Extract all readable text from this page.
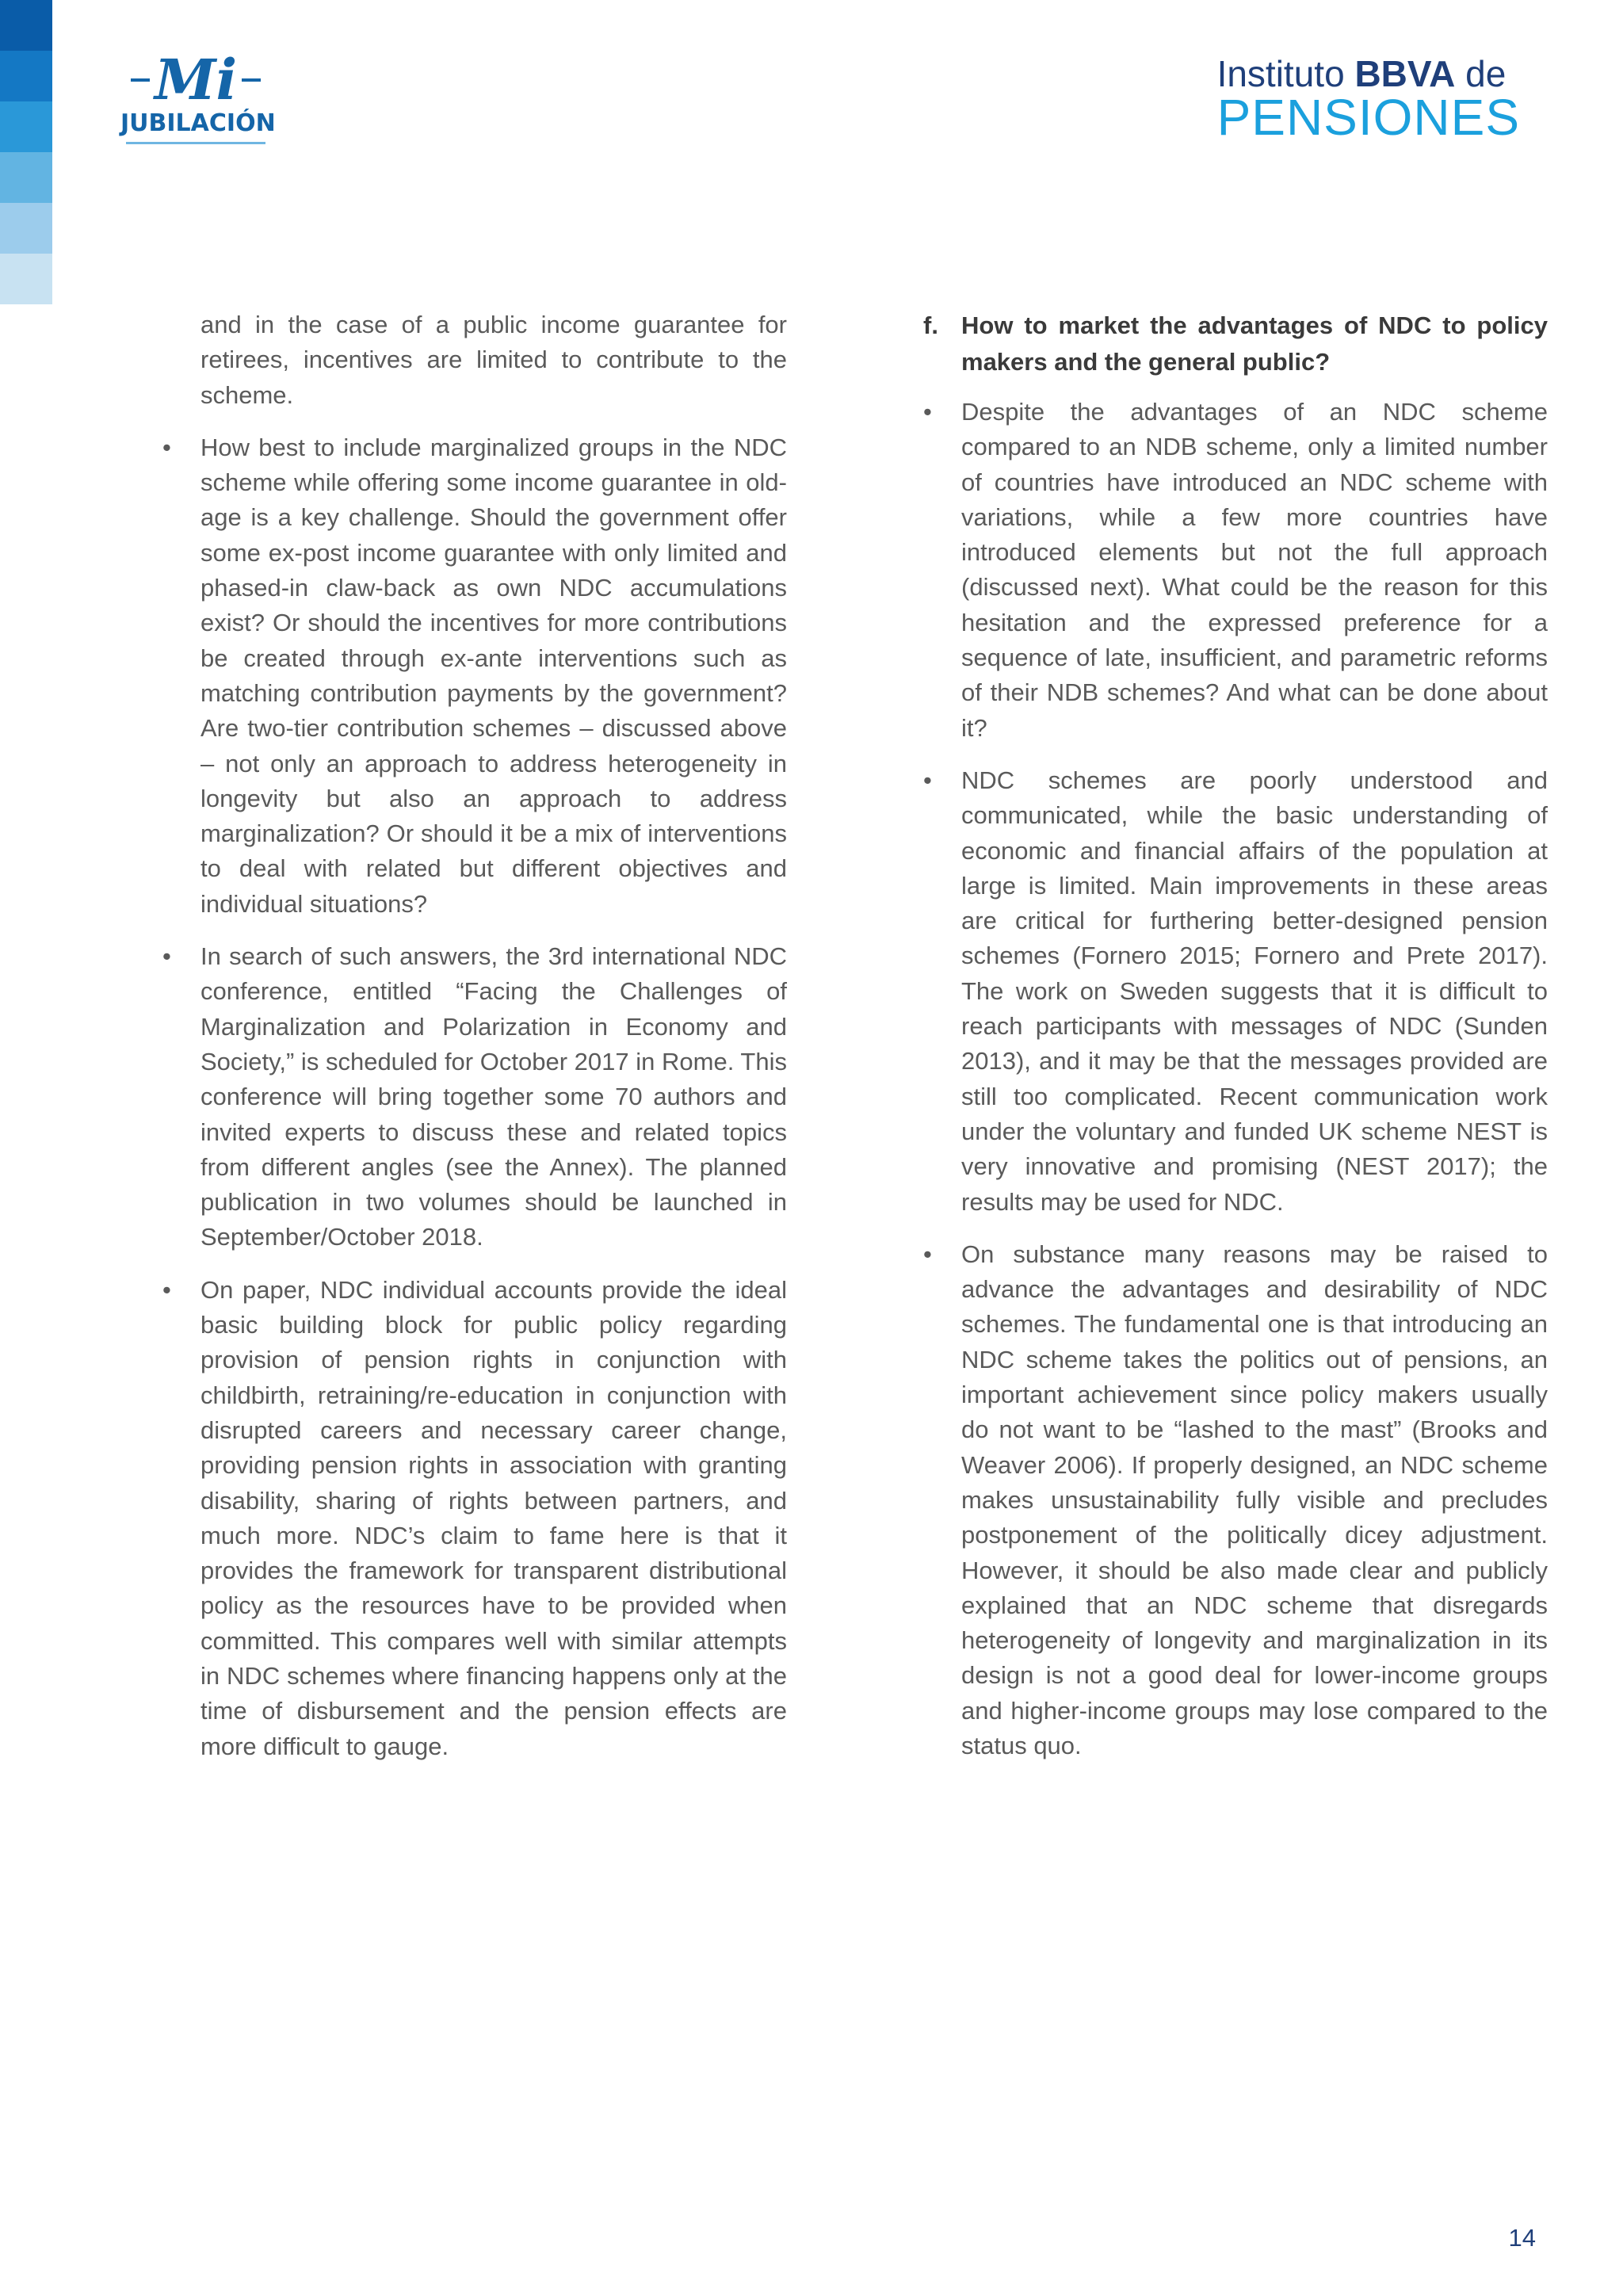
Mi
JUBILACIÓN
Instituto BBVA de
PENSIONES

and in the case of a public income guarantee for retirees, incentives are limited to contribute to the scheme.

• How best to include marginalized groups in the NDC scheme while offering some income guarantee in old-age is a key challenge. Should the government offer some ex-post income guarantee with only limited and phased-in claw-back as own NDC accumulations exist? Or should the incentives for more contributions be created through ex-ante interventions such as matching contribution payments by the government? Are two-tier contribution schemes – discussed above – not only an approach to address heterogeneity in longevity but also an approach to address marginalization? Or should it be a mix of interventions to deal with related but different objectives and individual situations?
• In search of such answers, the 3rd international NDC conference, entitled “Facing the Challenges of Marginalization and Polarization in Economy and Society,” is scheduled for October 2017 in Rome. This conference will bring together some 70 authors and invited experts to discuss these and related topics from different angles (see the Annex). The planned publication in two volumes should be launched in September/October 2018.
• On paper, NDC individual accounts provide the ideal basic building block for public policy regarding provision of pension rights in conjunction with childbirth, retraining/re-education in conjunction with disrupted careers and necessary career change, providing pension rights in association with granting disability, sharing of rights between partners, and much more. NDC’s claim to fame here is that it provides the framework for transparent distributional policy as the resources have to be provided when committed. This compares well with similar attempts in NDC schemes where financing happens only at the time of disbursement and the pension effects are more difficult to gauge.
f. How to market the advantages of NDC to policy makers and the general public?
• Despite the advantages of an NDC scheme compared to an NDB scheme, only a limited number of countries have introduced an NDC scheme with variations, while a few more countries have introduced elements but not the full approach (discussed next). What could be the reason for this hesitation and the expressed preference for a sequence of late, insufficient, and parametric reforms of their NDB schemes? And what can be done about it?
• NDC schemes are poorly understood and communicated, while the basic understanding of economic and financial affairs of the population at large is limited. Main improvements in these areas are critical for furthering better-designed pension schemes (Fornero 2015; Fornero and Prete 2017). The work on Sweden suggests that it is difficult to reach participants with messages of NDC (Sunden 2013), and it may be that the messages provided are still too complicated. Recent communication work under the voluntary and funded UK scheme NEST is very innovative and promising (NEST 2017); the results may be used for NDC.
• On substance many reasons may be raised to advance the advantages and desirability of NDC schemes. The fundamental one is that introducing an NDC scheme takes the politics out of pensions, an important achievement since policy makers usually do not want to be “lashed to the mast” (Brooks and Weaver 2006). If properly designed, an NDC scheme makes unsustainability fully visible and precludes postponement of the politically dicey adjustment. However, it should be also made clear and publicly explained that an NDC scheme that disregards heterogeneity of longevity and marginalization in its design is not a good deal for lower-income groups and higher-income groups may lose compared to the status quo.
14
